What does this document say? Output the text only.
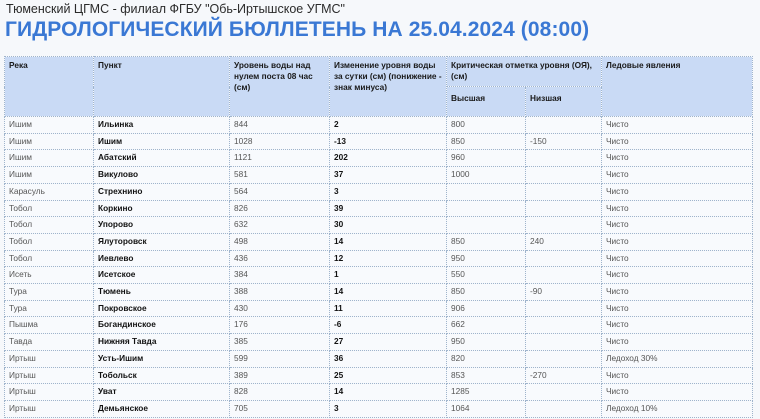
Тюменский ЦГМС - филиал ФГБУ "Обь-Иртышское УГМС"
ГИДРОЛОГИЧЕСКИЙ БЮЛЛЕТЕНЬ НА 25.04.2024 (08:00)
Река	Пункт	Уровень воды над нулем поста 08 час (см)	Изменение уровня воды за сутки (см) (понижение - знак минуса)	Критическая отметка уровня (ОЯ), (см)		Ледовые явления
				Высшая	Низшая	
Ишим	Ильинка	844	2	800		Чисто
Ишим	Ишим	1028	-13	850	-150	Чисто
Ишим	Абатский	1121	202	960		Чисто
Ишим	Викулово	581	37	1000		Чисто
Карасуль	Стрехнино	564	3			Чисто
Тобол	Коркино	826	39			Чисто
Тобол	Упорово	632	30			Чисто
Тобол	Ялуторовск	498	14	850	240	Чисто
Тобол	Иевлево	436	12	950		Чисто
Исеть	Исетское	384	1	550		Чисто
Тура	Тюмень	388	14	850	-90	Чисто
Тура	Покровское	430	11	906		Чисто
Пышма	Богандинское	176	-6	662		Чисто
Тавда	Нижняя Тавда	385	27	950		Чисто
Иртыш	Усть-Ишим	599	36	820		Ледоход 30%
Иртыш	Тобольск	389	25	853	-270	Чисто
Иртыш	Уват	828	14	1285		Чисто
Иртыш	Демьянское	705	3	1064		Ледоход 10%
